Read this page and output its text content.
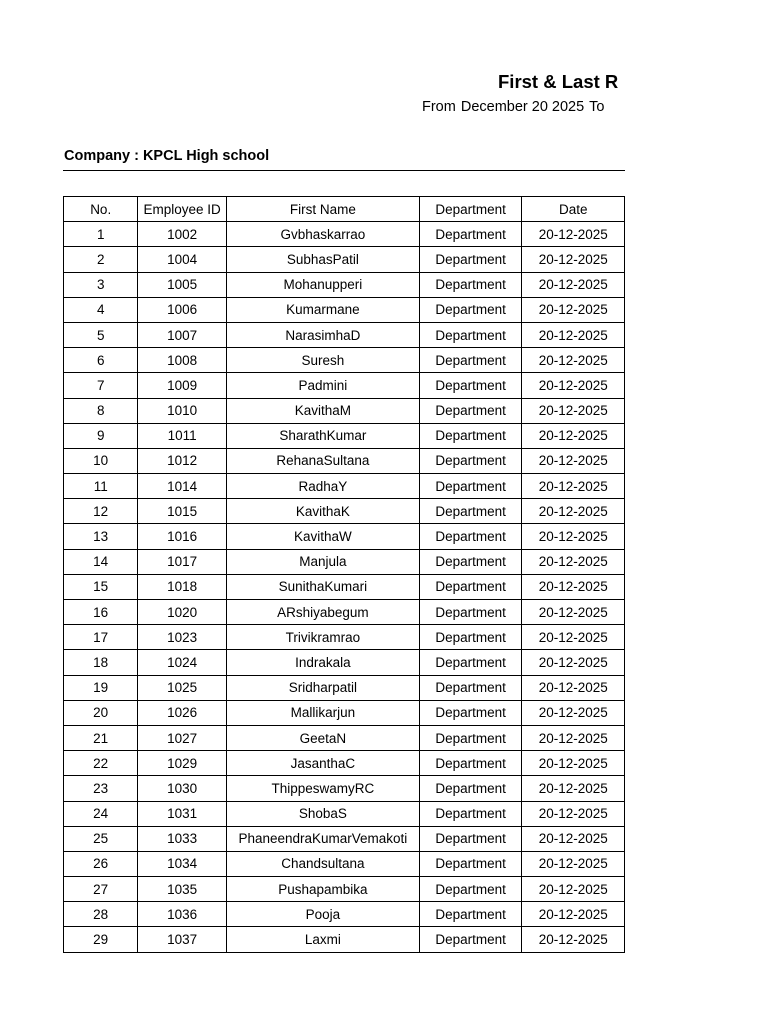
First & Last R
From December 20 2025 To
Company : KPCL High school
No.	Employee ID	First Name	Department	Date
1	1002	Gvbhaskarrao	Department	20-12-2025
2	1004	SubhasPatil	Department	20-12-2025
3	1005	Mohanupperi	Department	20-12-2025
4	1006	Kumarmane	Department	20-12-2025
5	1007	NarasimhaD	Department	20-12-2025
6	1008	Suresh	Department	20-12-2025
7	1009	Padmini	Department	20-12-2025
8	1010	KavithaM	Department	20-12-2025
9	1011	SharathKumar	Department	20-12-2025
10	1012	RehanaSultana	Department	20-12-2025
11	1014	RadhaY	Department	20-12-2025
12	1015	KavithaK	Department	20-12-2025
13	1016	KavithaW	Department	20-12-2025
14	1017	Manjula	Department	20-12-2025
15	1018	SunithaKumari	Department	20-12-2025
16	1020	ARshiyabegum	Department	20-12-2025
17	1023	Trivikramrao	Department	20-12-2025
18	1024	Indrakala	Department	20-12-2025
19	1025	Sridharpatil	Department	20-12-2025
20	1026	Mallikarjun	Department	20-12-2025
21	1027	GeetaN	Department	20-12-2025
22	1029	JasanthaC	Department	20-12-2025
23	1030	ThippeswamyRC	Department	20-12-2025
24	1031	ShobaS	Department	20-12-2025
25	1033	PhaneendraKumarVemakoti	Department	20-12-2025
26	1034	Chandsultana	Department	20-12-2025
27	1035	Pushapambika	Department	20-12-2025
28	1036	Pooja	Department	20-12-2025
29	1037	Laxmi	Department	20-12-2025
